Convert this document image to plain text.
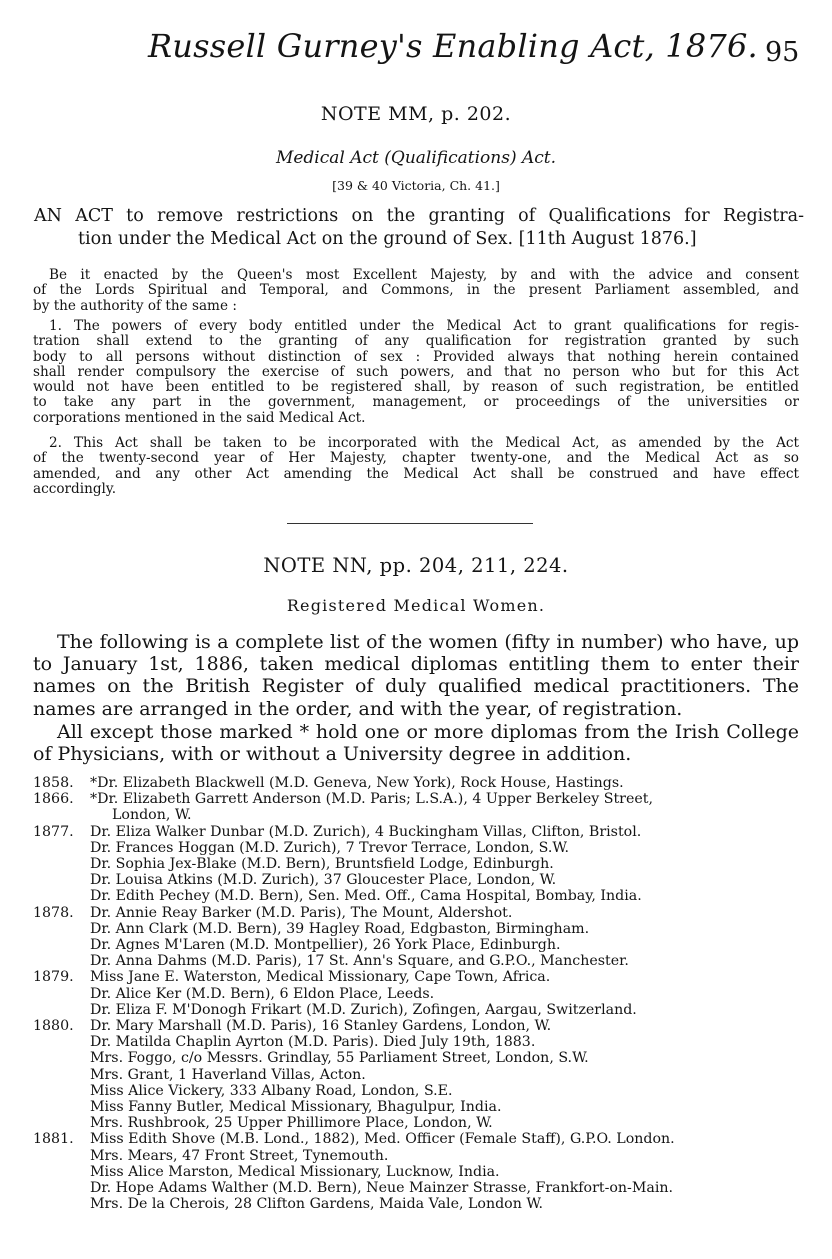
Russell Gurney's Enabling Act, 1876. 95
NOTE MM, p. 202.
Medical Act (Qualifications) Act.
[39 & 40 Victoria, Ch. 41.]
AN ACT to remove restrictions on the granting of Qualifications for Registra-
tion under the Medical Act on the ground of Sex. [11th August 1876.]
Be it enacted by the Queen's most Excellent Majesty, by and with the advice and consent
of the Lords Spiritual and Temporal, and Commons, in the present Parliament assembled, and
by the authority of the same :
1. The powers of every body entitled under the Medical Act to grant qualifications for regis-
tration shall extend to the granting of any qualification for registration granted by such
body to all persons without distinction of sex : Provided always that nothing herein contained
shall render compulsory the exercise of such powers, and that no person who but for this Act
would not have been entitled to be registered shall, by reason of such registration, be entitled
to take any part in the government, management, or proceedings of the universities or
corporations mentioned in the said Medical Act.
2. This Act shall be taken to be incorporated with the Medical Act, as amended by the Act
of the twenty-second year of Her Majesty, chapter twenty-one, and the Medical Act as so
amended, and any other Act amending the Medical Act shall be construed and have effect
accordingly.
NOTE NN, pp. 204, 211, 224.
Registered Medical Women.
The following is a complete list of the women (fifty in number) who have, up
to January 1st, 1886, taken medical diplomas entitling them to enter their
names on the British Register of duly qualified medical practitioners. The
names are arranged in the order, and with the year, of registration.
All except those marked * hold one or more diplomas from the Irish College
of Physicians, with or without a University degree in addition.
1858.	*Dr. Elizabeth Blackwell (M.D. Geneva, New York), Rock House, Hastings.
1866.	*Dr. Elizabeth Garrett Anderson (M.D. Paris; L.S.A.), 4 Upper Berkeley Street,
London, W.
1877.	Dr. Eliza Walker Dunbar (M.D. Zurich), 4 Buckingham Villas, Clifton, Bristol.
Dr. Frances Hoggan (M.D. Zurich), 7 Trevor Terrace, London, S.W.
Dr. Sophia Jex-Blake (M.D. Bern), Bruntsfield Lodge, Edinburgh.
Dr. Louisa Atkins (M.D. Zurich), 37 Gloucester Place, London, W.
Dr. Edith Pechey (M.D. Bern), Sen. Med. Off., Cama Hospital, Bombay, India.
1878.	Dr. Annie Reay Barker (M.D. Paris), The Mount, Aldershot.
Dr. Ann Clark (M.D. Bern), 39 Hagley Road, Edgbaston, Birmingham.
Dr. Agnes M'Laren (M.D. Montpellier), 26 York Place, Edinburgh.
Dr. Anna Dahms (M.D. Paris), 17 St. Ann's Square, and G.P.O., Manchester.
1879.	Miss Jane E. Waterston, Medical Missionary, Cape Town, Africa.
Dr. Alice Ker (M.D. Bern), 6 Eldon Place, Leeds.
Dr. Eliza F. M'Donogh Frikart (M.D. Zurich), Zofingen, Aargau, Switzerland.
1880.	Dr. Mary Marshall (M.D. Paris), 16 Stanley Gardens, London, W.
Dr. Matilda Chaplin Ayrton (M.D. Paris). Died July 19th, 1883.
Mrs. Foggo, c/o Messrs. Grindlay, 55 Parliament Street, London, S.W.
Mrs. Grant, 1 Haverland Villas, Acton.
Miss Alice Vickery, 333 Albany Road, London, S.E.
Miss Fanny Butler, Medical Missionary, Bhagulpur, India.
Mrs. Rushbrook, 25 Upper Phillimore Place, London, W.
1881.	Miss Edith Shove (M.B. Lond., 1882), Med. Officer (Female Staff), G.P.O. London.
Mrs. Mears, 47 Front Street, Tynemouth.
Miss Alice Marston, Medical Missionary, Lucknow, India.
Dr. Hope Adams Walther (M.D. Bern), Neue Mainzer Strasse, Frankfort-on-Main.
Mrs. De la Cherois, 28 Clifton Gardens, Maida Vale, London W.
